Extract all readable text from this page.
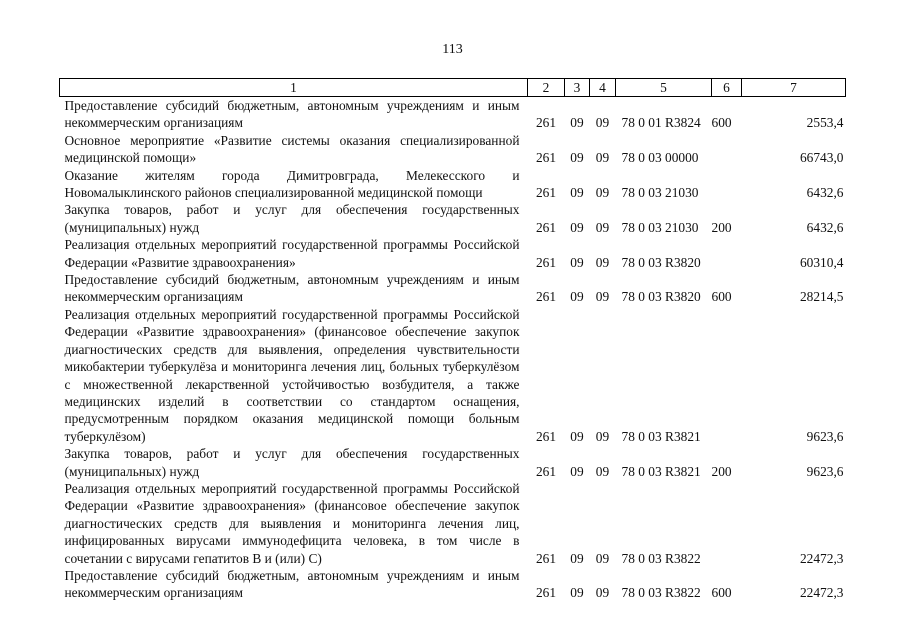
113
1	2	3	4	5	6	7
Предоставление субсидий бюджетным, автономным учреждениям и иным некоммерческим организациям	261	09	09	78 0 01 R3824	600	2553,4
Основное мероприятие «Развитие системы оказания специализированной медицинской помощи»	261	09	09	78 0 03 00000		66743,0
Оказание жителям города Димитровграда, Мелекесского и Новомалыклинского районов специализированной медицинской помощи	261	09	09	78 0 03 21030		6432,6
Закупка товаров, работ и услуг для обеспечения государственных (муниципальных) нужд	261	09	09	78 0 03 21030	200	6432,6
Реализация отдельных мероприятий государственной программы Российской Федерации «Развитие здравоохранения»	261	09	09	78 0 03 R3820		60310,4
Предоставление субсидий бюджетным, автономным учреждениям и иным некоммерческим организациям	261	09	09	78 0 03 R3820	600	28214,5
Реализация отдельных мероприятий государственной программы Российской Федерации «Развитие здравоохранения» (финансовое обеспечение закупок диагностических средств для выявления, определения чувствительности микобактерии туберкулёза и мониторинга лечения лиц, больных туберкулёзом с множественной лекарственной устойчивостью возбудителя, а также медицинских изделий в соответствии со стандартом оснащения, предусмотренным порядком оказания медицинской помощи больным туберкулёзом)	261	09	09	78 0 03 R3821		9623,6
Закупка товаров, работ и услуг для обеспечения государственных (муниципальных) нужд	261	09	09	78 0 03 R3821	200	9623,6
Реализация отдельных мероприятий государственной программы Российской Федерации «Развитие здравоохранения» (финансовое обеспечение закупок диагностических средств для выявления и мониторинга лечения лиц, инфицированных вирусами иммунодефицита человека, в том числе в сочетании с вирусами гепатитов В и (или) С)	261	09	09	78 0 03 R3822		22472,3
Предоставление субсидий бюджетным, автономным учреждениям и иным некоммерческим организациям	261	09	09	78 0 03 R3822	600	22472,3
